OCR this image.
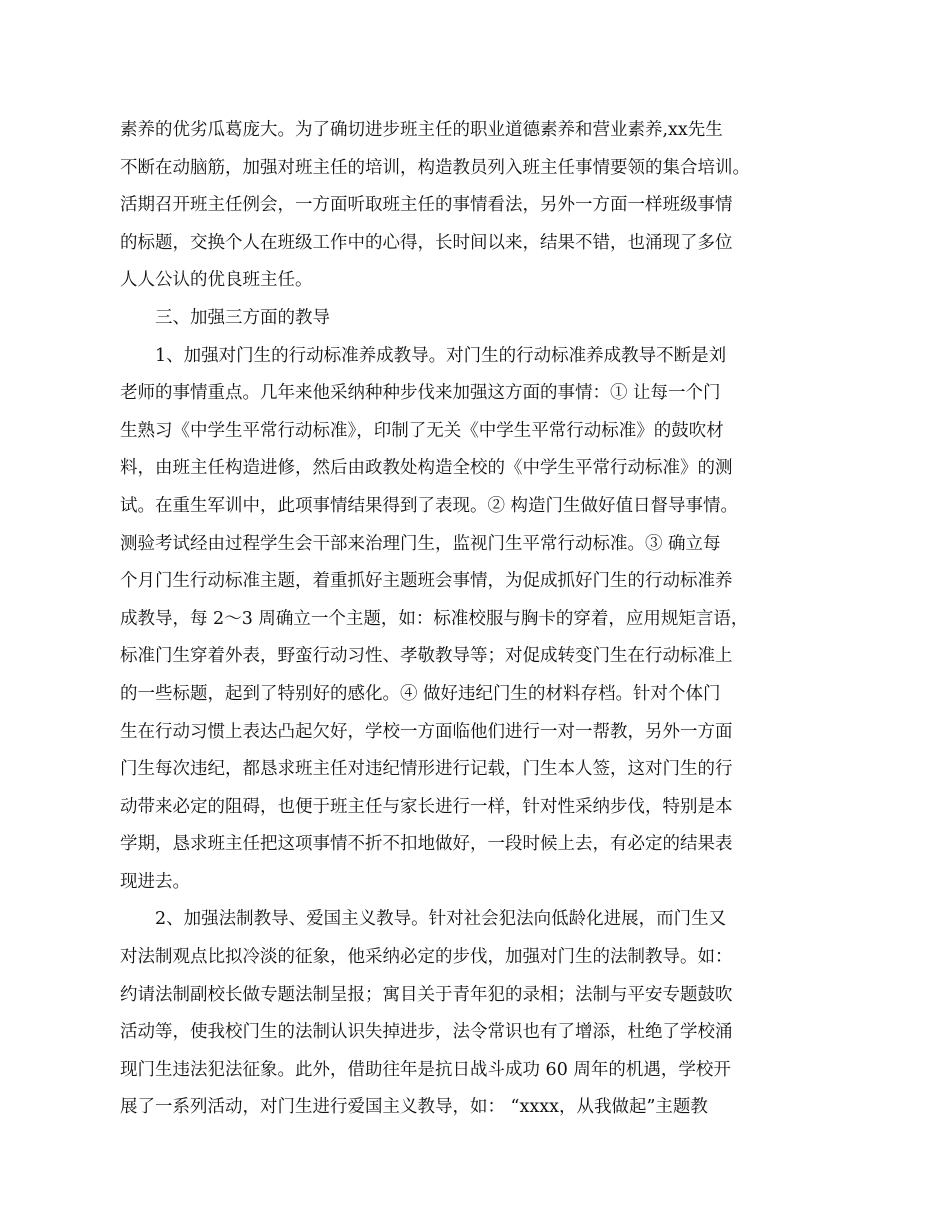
素养的优劣瓜葛庞大。为了确切进步班主任的职业道德素养和营业素养,xx先生
不断在动脑筋，加强对班主任的培训，构造教员列入班主任事情要领的集合培训。
活期召开班主任例会，一方面听取班主任的事情看法，另外一方面一样班级事情
的标题，交换个人在班级工作中的心得，长时间以来，结果不错，也涌现了多位
人人公认的优良班主任。
三、加强三方面的教导
1、加强对门生的行动标准养成教导。对门生的行动标准养成教导不断是刘
老师的事情重点。几年来他采纳种种步伐来加强这方面的事情：① 让每一个门
生熟习《中学生平常行动标准》，印制了无关《中学生平常行动标准》的鼓吹材
料，由班主任构造进修，然后由政教处构造全校的《中学生平常行动标准》的测
试。在重生军训中，此项事情结果得到了表现。② 构造门生做好值日督导事情。
测验考试经由过程学生会干部来治理门生，监视门生平常行动标准。③ 确立每
个月门生行动标准主题，着重抓好主题班会事情，为促成抓好门生的行动标准养
成教导，每 2～3 周确立一个主题，如：标准校服与胸卡的穿着，应用规矩言语，
标准门生穿着外表，野蛮行动习性、孝敬教导等；对促成转变门生在行动标准上
的一些标题，起到了特别好的感化。④ 做好违纪门生的材料存档。针对个体门
生在行动习惯上表达凸起欠好，学校一方面临他们进行一对一帮教，另外一方面
门生每次违纪，都恳求班主任对违纪情形进行记载，门生本人签，这对门生的行
动带来必定的阻碍，也便于班主任与家长进行一样，针对性采纳步伐，特别是本
学期，恳求班主任把这项事情不折不扣地做好，一段时候上去，有必定的结果表
现进去。
2、加强法制教导、爱国主义教导。针对社会犯法向低龄化进展，而门生又
对法制观点比拟冷淡的征象，他采纳必定的步伐，加强对门生的法制教导。如：
约请法制副校长做专题法制呈报；寓目关于青年犯的录相；法制与平安专题鼓吹
活动等，使我校门生的法制认识失掉进步，法令常识也有了增添，杜绝了学校涌
现门生违法犯法征象。此外，借助往年是抗日战斗成功 60 周年的机遇，学校开
展了一系列活动，对门生进行爱国主义教导，如： “xxxx，从我做起”主题教
